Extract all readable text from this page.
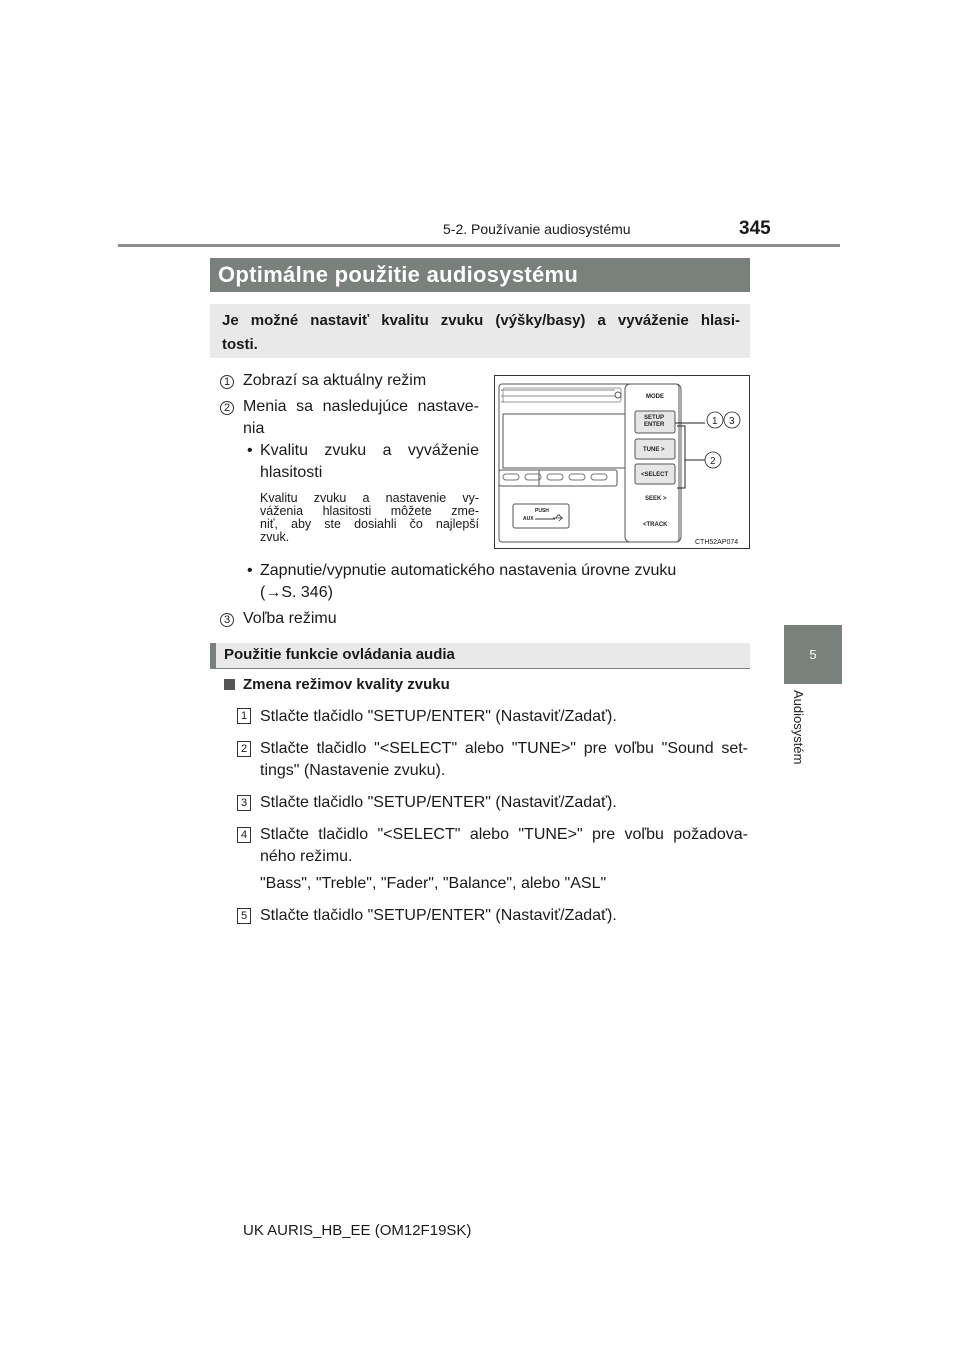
5-2. Používanie audiosystému	345
5
Audiosystém
Optimálne použitie audiosystému
Je možné nastaviť kvalitu zvuku (výšky/basy) a vyváženie hlasi-
tosti.
1 Zobrazí sa aktuálny režim
2 Menia sa nasledujúce nastave-
nia
• Kvalitu zvuku a vyváženie
hlasitosti
Kvalitu zvuku a nastavenie vy-
váženia hlasitosti môžete zme-
niť, aby ste dosiahli čo najlepší
zvuk.
• Zapnutie/vypnutie automatického nastavenia úrovne zvuku
(→S. 346)
3 Voľba režimu
MODE
SETUP
ENTER
TUNE >
<SELECT
SEEK >
<TRACK
PUSH
AUX
1 3
2
CTH52AP074
Použitie funkcie ovládania audia
Zmena režimov kvality zvuku
1 Stlačte tlačidlo "SETUP/ENTER" (Nastaviť/Zadať).
2 Stlačte tlačidlo "<SELECT" alebo "TUNE>" pre voľbu "Sound set-
tings" (Nastavenie zvuku).
3 Stlačte tlačidlo "SETUP/ENTER" (Nastaviť/Zadať).
4 Stlačte tlačidlo "<SELECT" alebo "TUNE>" pre voľbu požadova-
ného režimu.
"Bass", "Treble", "Fader", "Balance", alebo "ASL"
5 Stlačte tlačidlo "SETUP/ENTER" (Nastaviť/Zadať).
UK AURIS_HB_EE (OM12F19SK)
